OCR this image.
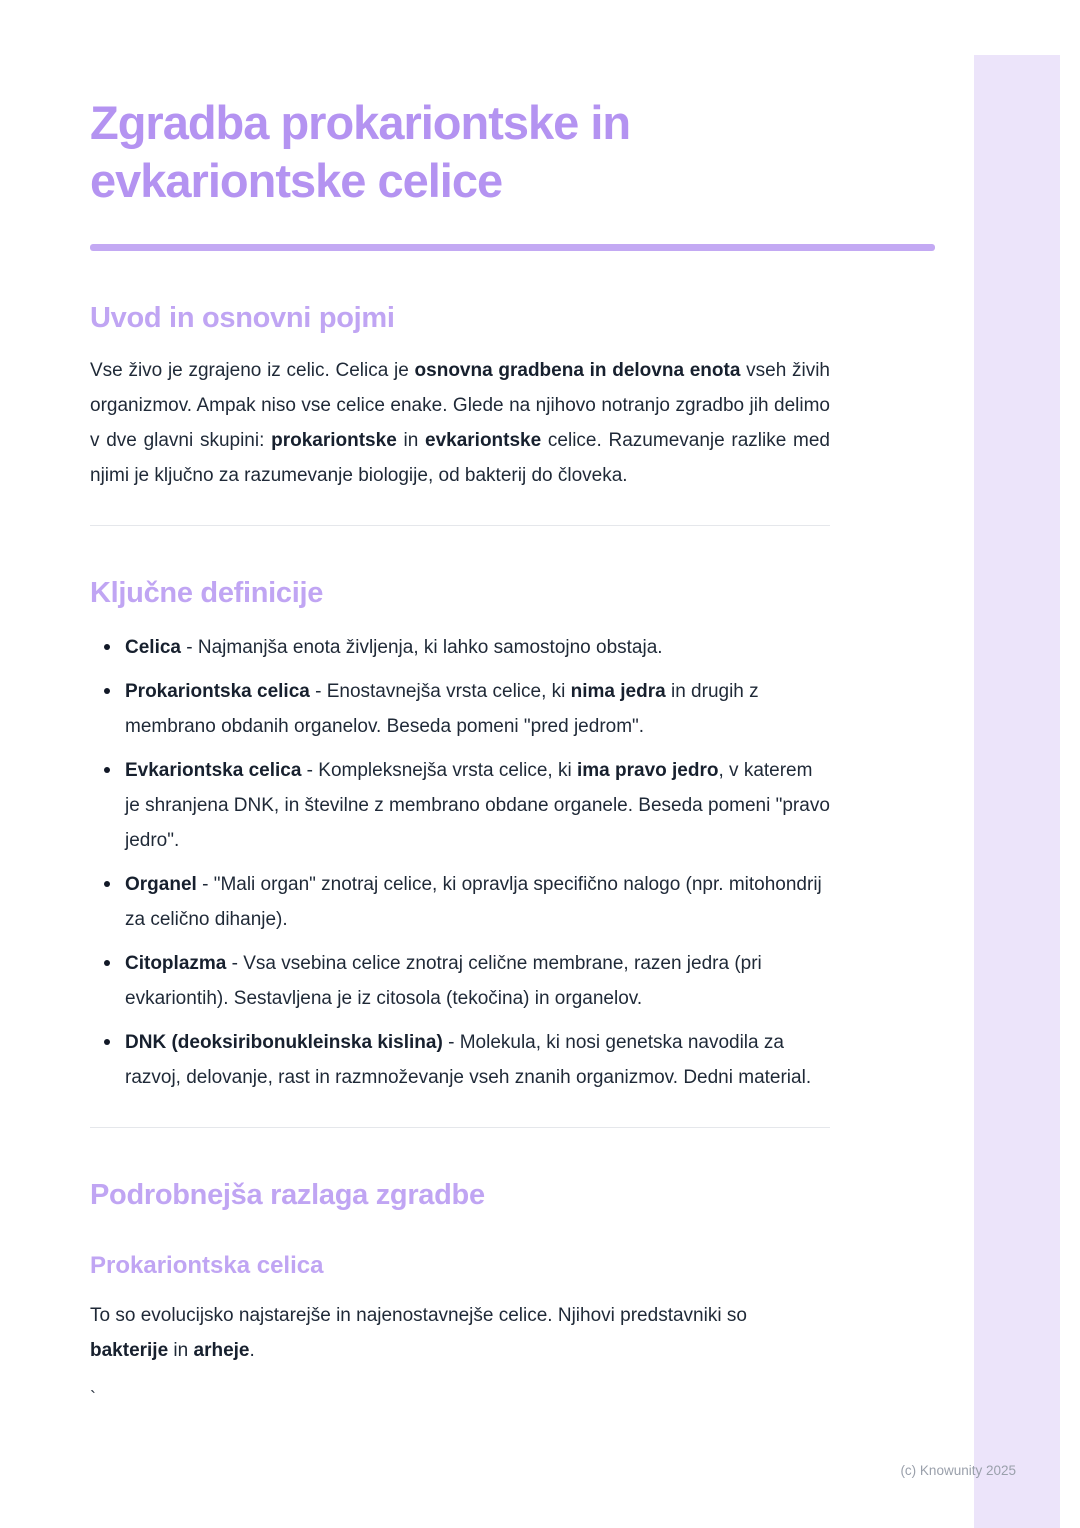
Zgradba prokariontske in
evkariontske celice
Uvod in osnovni pojmi

Vse živo je zgrajeno iz celic. Celica je osnovna gradbena in delovna enota vseh živih organizmov. Ampak niso vse celice enake. Glede na njihovo notranjo zgradbo jih delimo v dve glavni skupini: prokariontske in evkariontske celice. Razumevanje razlike med njimi je ključno za razumevanje biologije, od bakterij do človeka.

Ključne definicije
Celica - Najmanjša enota življenja, ki lahko samostojno obstaja.
Prokariontska celica - Enostavnejša vrsta celice, ki nima jedra in drugih z membrano obdanih organelov. Beseda pomeni "pred jedrom".
Evkariontska celica - Kompleksnejša vrsta celice, ki ima pravo jedro, v katerem je shranjena DNK, in številne z membrano obdane organele. Beseda pomeni "pravo jedro".
Organel - "Mali organ" znotraj celice, ki opravlja specifično nalogo (npr. mitohondrij za celično dihanje).
Citoplazma - Vsa vsebina celice znotraj celične membrane, razen jedra (pri evkariontih). Sestavljena je iz citosola (tekočina) in organelov.
DNK (deoksiribonukleinska kislina) - Molekula, ki nosi genetska navodila za razvoj, delovanje, rast in razmnoževanje vseh znanih organizmov. Dedni material.
Podrobnejša razlaga zgradbe
Prokariontska celica

To so evolucijsko najstarejše in najenostavnejše celice. Njihovi predstavniki so bakterije in arheje.

`

(c) Knowunity 2025
